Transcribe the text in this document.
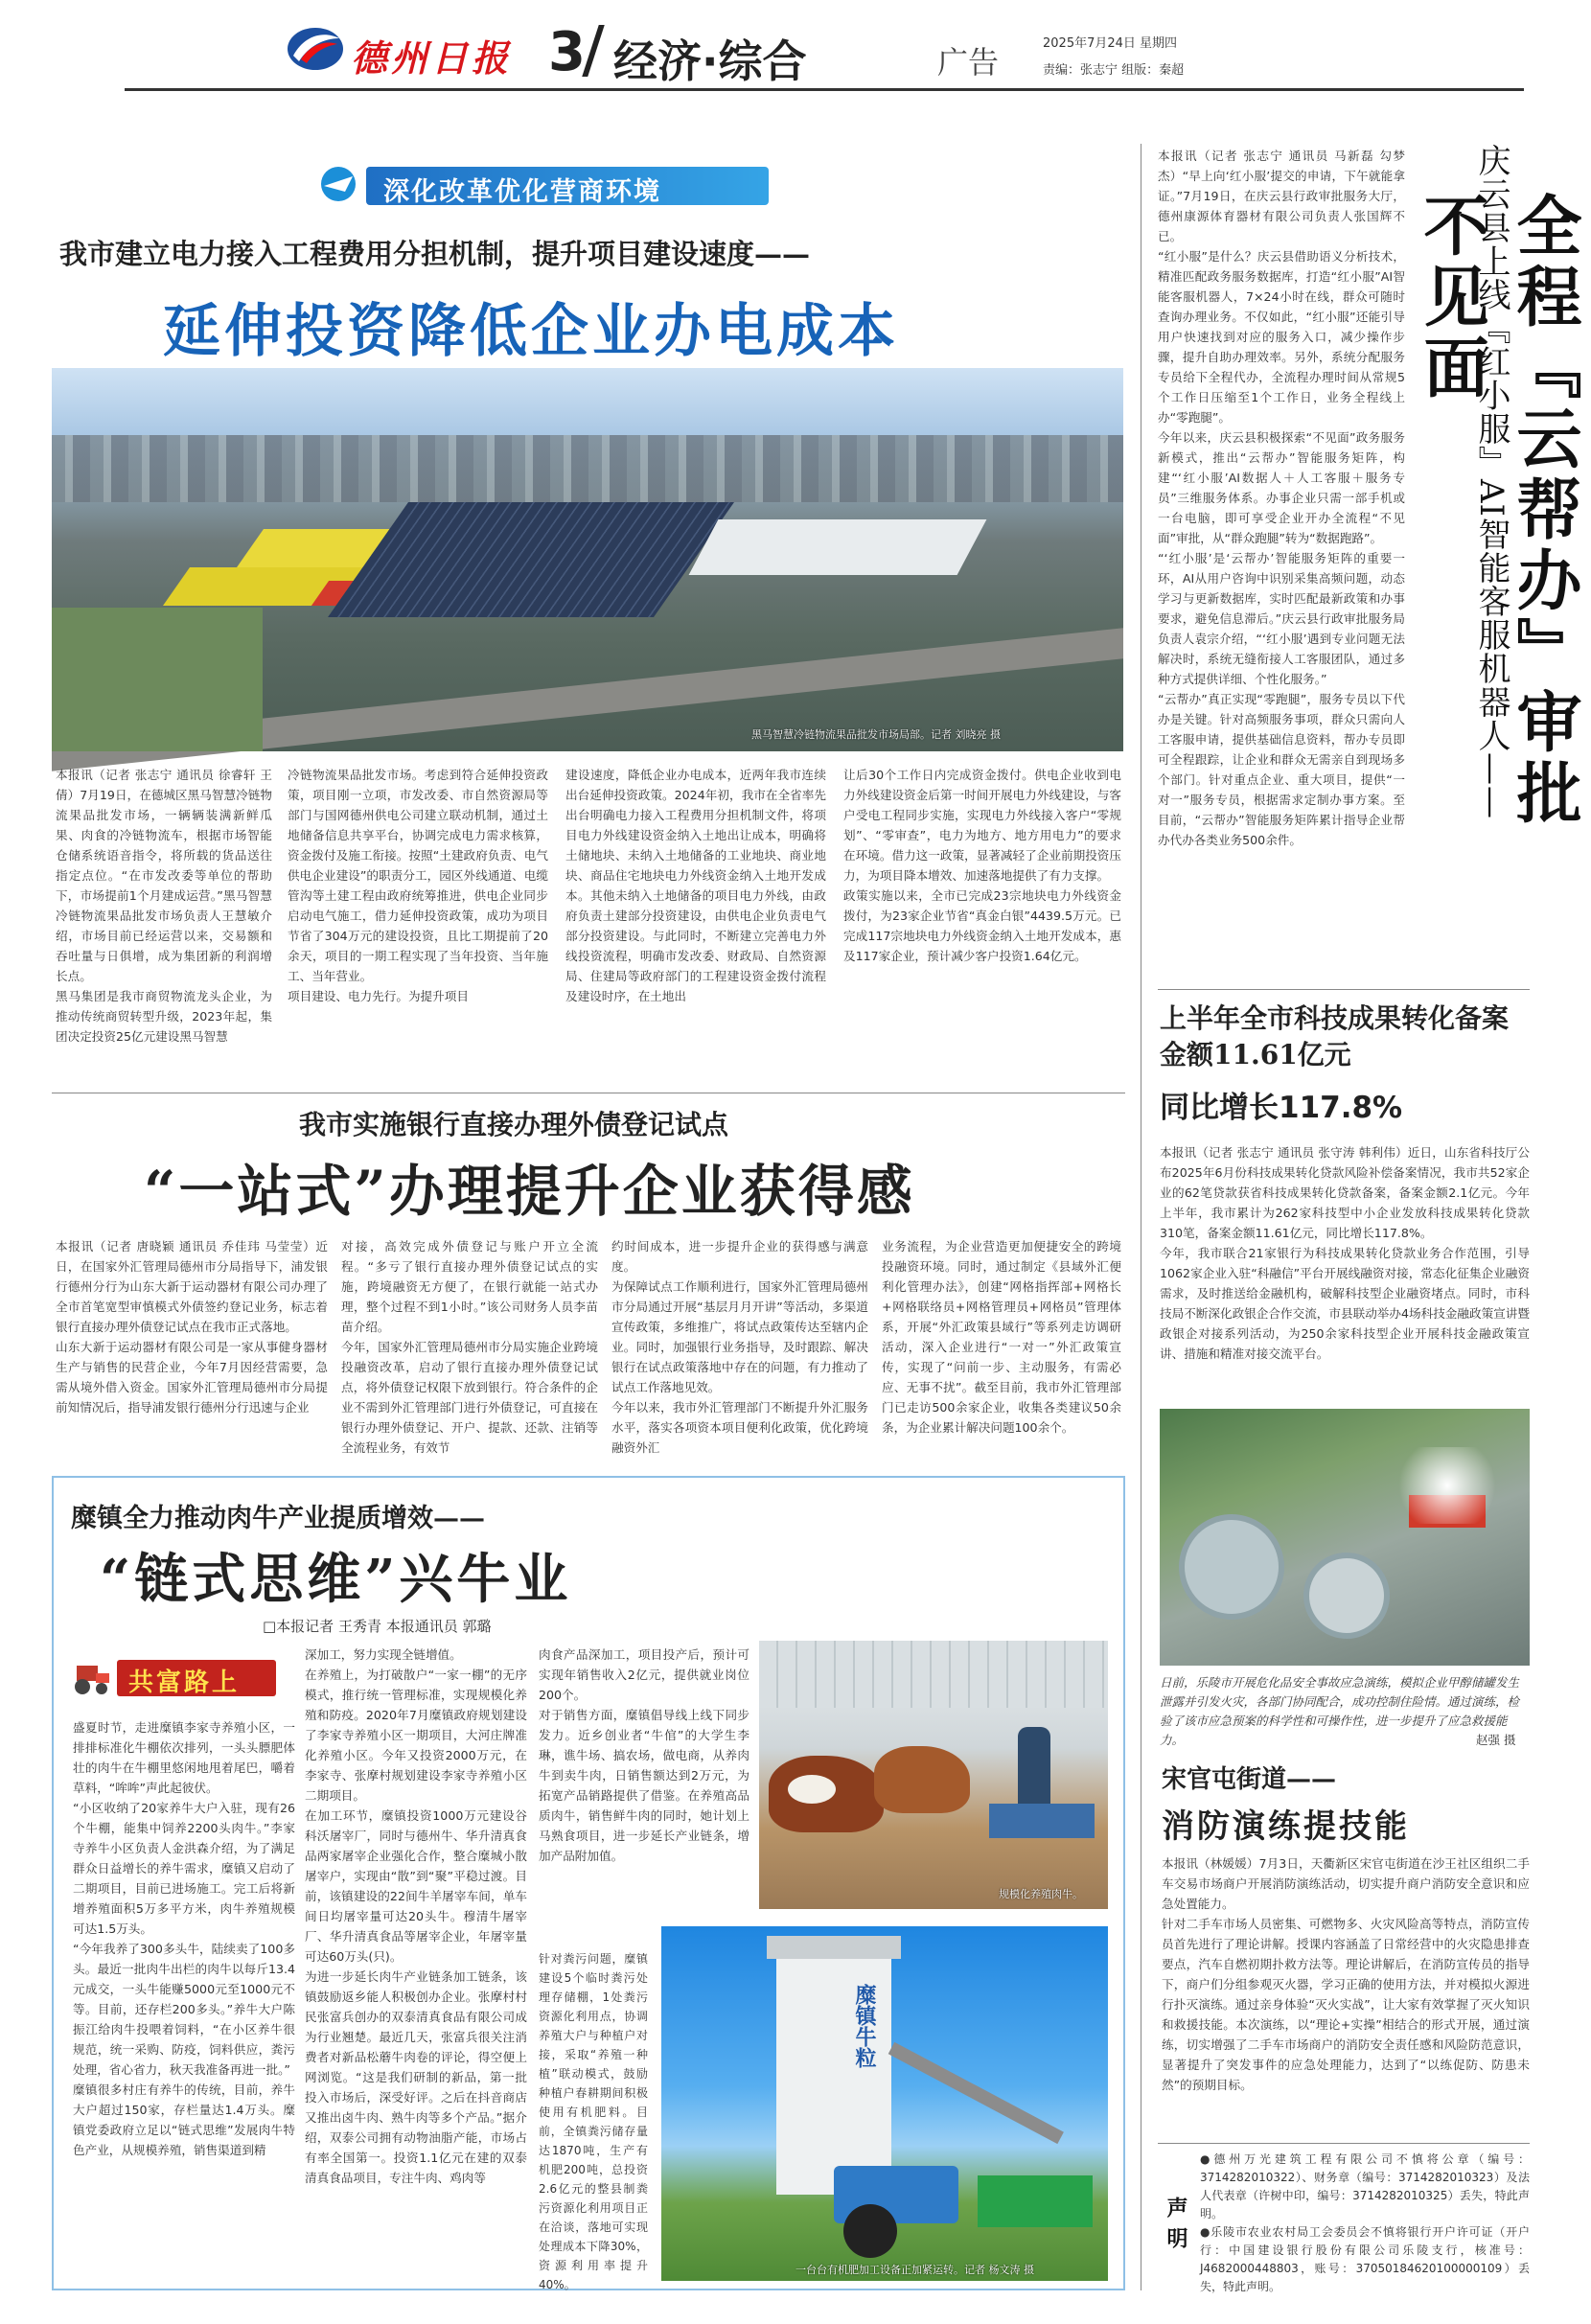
德州日报 3 经济·综合	广告
2025年7月24日 星期四
责编：张志宁 组版：秦超
深化改革优化营商环境
我市建立电力接入工程费用分担机制，提升项目建设速度——
延伸投资降低企业办电成本
黑马智慧冷链物流果品批发市场局部。记者 刘晓亮 摄
本报讯（记者 张志宁 通讯员 徐睿轩 王倩）7月19日，在德城区黑马智慧冷链物流果品批发市场，一辆辆装满新鲜瓜果、肉食的冷链物流车，根据市场智能仓储系统语音指令，将所载的货品送往指定点位。“在市发改委等单位的帮助下，市场提前1个月建成运营。”黑马智慧冷链物流果品批发市场负责人王慧敏介绍，市场目前已经运营以来，交易额和吞吐量与日俱增，成为集团新的利润增长点。
黑马集团是我市商贸物流龙头企业，为推动传统商贸转型升级，2023年起，集团决定投资25亿元建设黑马智慧
冷链物流果品批发市场。考虑到符合延伸投资政策，项目刚一立项，市发改委、市自然资源局等部门与国网德州供电公司建立联动机制，通过土地储备信息共享平台，协调完成电力需求核算，资金拨付及施工衔接。按照“土建政府负责、电气供电企业建设”的职责分工，园区外线通道、电缆管沟等土建工程由政府统筹推进，供电企业同步启动电气施工，借力延伸投资政策，成功为项目节省了304万元的建设投资，且比工期提前了20余天，项目的一期工程实现了当年投资、当年施工、当年营业。
项目建设、电力先行。为提升项目
建设速度，降低企业办电成本，近两年我市连续出台延伸投资政策。2024年初，我市在全省率先出台明确电力接入工程费用分担机制文件，将项目电力外线建设资金纳入土地出让成本，明确将土储地块、未纳入土地储备的工业地块、商业地块、商品住宅地块电力外线资金纳入土地开发成本。其他未纳入土地储备的项目电力外线，由政府负责土建部分投资建设，由供电企业负责电气部分投资建设。与此同时，不断建立完善电力外线投资流程，明确市发改委、财政局、自然资源局、住建局等政府部门的工程建设资金拨付流程及建设时序，在土地出
让后30个工作日内完成资金拨付。供电企业收到电力外线建设资金后第一时间开展电力外线建设，与客户受电工程同步实施，实现电力外线接入客户“零规划”、“零审查”，电力为地方、地方用电力”的要求在环境。借力这一政策，显著减轻了企业前期投资压力，为项目降本增效、加速落地提供了有力支撑。
政策实施以来，全市已完成23宗地块电力外线资金拨付，为23家企业节省“真金白银”4439.5万元。已完成117宗地块电力外线资金纳入土地开发成本，惠及117家企业，预计减少客户投资1.64亿元。
我市实施银行直接办理外债登记试点
“一站式”办理提升企业获得感
本报讯（记者 唐晓颖 通讯员 乔佳玮 马莹莹）近日，在国家外汇管理局德州市分局指导下，浦发银行德州分行为山东大新于运动器材有限公司办理了全市首笔宽型审慎模式外债签约登记业务，标志着银行直接办理外债登记试点在我市正式落地。
山东大新于运动器材有限公司是一家从事健身器材生产与销售的民营企业，今年7月因经营需要，急需从境外借入资金。国家外汇管理局德州市分局提前知情况后，指导浦发银行德州分行迅速与企业
对接，高效完成外债登记与账户开立全流程。“多亏了银行直接办理外债登记试点的实施，跨境融资无方便了，在银行就能一站式办理，整个过程不到1小时。”该公司财务人员李苗苗介绍。
今年，国家外汇管理局德州市分局实施企业跨境投融资改革，启动了银行直接办理外债登记试点，将外债登记权限下放到银行。符合条件的企业不需到外汇管理部门进行外债登记，可直接在银行办理外债登记、开户、提款、还款、注销等全流程业务，有效节
约时间成本，进一步提升企业的获得感与满意度。
为保障试点工作顺利进行，国家外汇管理局德州市分局通过开展“基层月月开讲”等活动，多渠道宣传政策，多维推广，将试点政策传达至辖内企业。同时，加强银行业务指导，及时跟踪、解决银行在试点政策落地中存在的问题，有力推动了试点工作落地见效。
今年以来，我市外汇管理部门不断提升外汇服务水平，落实各项资本项目便利化政策，优化跨境融资外汇
业务流程，为企业营造更加便捷安全的跨境投融资环境。同时，通过制定《县域外汇便利化管理办法》，创建“网格指挥部+网格长+网格联络员+网格管理员+网格员”管理体系，开展“外汇政策县域行”等系列走访调研活动，深入企业进行“一对一”外汇政策宣传，实现了“问前一步、主动服务，有需必应、无事不扰”。截至目前，我市外汇管理部门已走访500余家企业，收集各类建议50余条，为企业累计解决问题100余个。
糜镇全力推动肉牛产业提质增效——
“链式思维”兴牛业
□本报记者 王秀青 本报通讯员 郭璐
共富路上
盛夏时节，走进糜镇李家寺养殖小区，一排排标准化牛棚依次排列，一头头膘肥体壮的肉牛在牛棚里悠闲地甩着尾巴，嚼着草料，“哞哞”声此起彼伏。
“小区收纳了20家养牛大户入驻，现有26个牛棚，能集中饲养2200头肉牛。”李家寺养牛小区负责人金洪森介绍，为了满足群众日益增长的养牛需求，糜镇又启动了二期项目，目前已进场施工。完工后将新增养殖面积5万多平方米，肉牛养殖规模可达1.5万头。
“今年我养了300多头牛，陆续卖了100多头。最近一批肉牛出栏的肉牛以每斤13.4元成交，一头牛能赚5000元至1000元不等。目前，还存栏200多头。”养牛大户陈振江给肉牛投喂着饲料，“在小区养牛很规范，统一采购、防疫，饲料供应，粪污处理，省心省力，秋天我准备再进一批。”
糜镇很多村庄有养牛的传统，目前，养牛大户超过150家，存栏量达1.4万头。糜镇党委政府立足以“链式思维”发展肉牛特色产业，从规模养殖，销售渠道到精
深加工，努力实现全链增值。
在养殖上，为打破散户“一家一棚”的无序模式，推行统一管理标准，实现规模化养殖和防疫。2020年7月糜镇政府规划建设了李家寺养殖小区一期项目，大河庄牌准化养殖小区。今年又投资2000万元，在李家寺、张摩村规划建设李家寺养殖小区二期项目。
在加工环节，糜镇投资1000万元建设谷科沃屠宰厂，同时与德州牛、华升清真食品两家屠宰企业强化合作，整合糜城小散屠宰户，实现由“散”到“聚”平稳过渡。目前，该镇建设的22间牛羊屠宰车间，单车间日均屠宰量可达20头牛。穆清牛屠宰厂、华升清真食品等屠宰企业，年屠宰量可达60万头(只)。
为进一步延长肉牛产业链条加工链条，该镇鼓励返乡能人积极创办企业。张摩村村民张富兵创办的双泰清真食品有限公司成为行业翘楚。最近几天，张富兵很关注消费者对新品松蘑牛肉卷的评论，得空便上网浏览。“这是我们研制的新品，第一批投入市场后，深受好评。之后在抖音商店又推出卤牛肉、熟牛肉等多个产品。”据介绍，双泰公司拥有动物油脂产能，市场占有率全国第一。投资1.1亿元在建的双泰清真食品项目，专注牛肉、鸡肉等
肉食产品深加工，项目投产后，预计可实现年销售收入2亿元，提供就业岗位200个。
对于销售方面，糜镇倡导线上线下同步发力。近乡创业者“牛倌”的大学生李琳，谯牛场、搞农场，做电商，从养肉牛到卖牛肉，日销售额达到2万元，为拓宽产品销路提供了借鉴。在养殖高品质肉牛，销售鲜牛肉的同时，她计划上马熟食项目，进一步延长产业链条，增加产品附加值。
针对粪污问题，糜镇建设5个临时粪污处理存储棚，1处粪污资源化利用点，协调养殖大户与种植户对接，采取“养殖一种植”联动模式，鼓励种植户春耕期间积极使用有机肥料。目前，全镇粪污储存量达1870吨，生产有机肥200吨，总投资2.6亿元的整县制粪污资源化利用项目正在洽谈，落地可实现处理成本下降30%，资源利用率提升40%。
规模化养殖肉牛。
糜镇牛粒
一台台有机肥加工设备正加紧运转。记者 杨文涛 摄
本报讯（记者 张志宁 通讯员 马新磊 勾梦杰）“早上向‘红小服’提交的申请，下午就能拿证。”7月19日，在庆云县行政审批服务大厅，德州康源体育器材有限公司负责人张国辉不已。
“红小服”是什么？庆云县借助语义分析技术，精准匹配政务服务数据库，打造“红小服”AI智能客服机器人，7×24小时在线，群众可随时查询办理业务。不仅如此，“红小服”还能引导用户快速找到对应的服务入口，减少操作步骤，提升自助办理效率。另外，系统分配服务专员给下全程代办，全流程办理时间从常规5个工作日压缩至1个工作日，业务全程线上办“零跑腿”。
今年以来，庆云县积极探索“不见面”政务服务新模式，推出“云帮办”智能服务矩阵，构建“‘红小服’AI数据人＋人工客服＋服务专员”三维服务体系。办事企业只需一部手机或一台电脑，即可享受企业开办全流程“不见面”审批，从“群众跑腿”转为“数据跑路”。
“‘红小服’是‘云帮办’智能服务矩阵的重要一环，AI从用户咨询中识别采集高频问题，动态学习与更新数据库，实时匹配最新政策和办事要求，避免信息滞后。”庆云县行政审批服务局负责人袁宗介绍，“‘红小服’遇到专业问题无法解决时，系统无缝衔接人工客服团队，通过多种方式提供详细、个性化服务。”
“云帮办”真正实现“零跑腿”，服务专员以下代办是关键。针对高频服务事项，群众只需向人工客服申请，提供基础信息资料，帮办专员即可全程跟踪，让企业和群众无需亲自到现场多个部门。针对重点企业、重大项目，提供“一对一”服务专员，根据需求定制办事方案。至目前，“云帮办”智能服务矩阵累计指导企业帮办代办各类业务500余件。
全程『云帮办』审批不见面
庆云县上线『红小服』AI智能客服机器人——
上半年全市科技成果转化备案金额11.61亿元
同比增长117.8%
本报讯（记者 张志宁 通讯员 张守涛 韩利伟）近日，山东省科技厅公布2025年6月份科技成果转化贷款风险补偿备案情况，我市共52家企业的62笔贷款获省科技成果转化贷款备案，备案金额2.1亿元。今年上半年，我市累计为262家科技型中小企业发放科技成果转化贷款310笔，备案金额11.61亿元，同比增长117.8%。
今年，我市联合21家银行为科技成果转化贷款业务合作范围，引导1062家企业入驻“科融信”平台开展线融资对接，常态化征集企业融资需求，及时推送给金融机构，破解科技型企业融资堵点。同时，市科技局不断深化政银企合作交流，市县联动举办4场科技金融政策宣讲暨政银企对接系列活动，为250余家科技型企业开展科技金融政策宣讲、措施和精准对接交流平台。
日前，乐陵市开展危化品安全事故应急演练，模拟企业甲醇储罐发生泄露并引发火灾，各部门协同配合，成功控制住险情。通过演练，检验了该市应急预案的科学性和可操作性，进一步提升了应急救援能力。	赵强 摄
宋官屯街道——
消防演练提技能
本报讯（林媛媛）7月3日，天衢新区宋官屯街道在沙王社区组织二手车交易市场商户开展消防演练活动，切实提升商户消防安全意识和应急处置能力。
针对二手车市场人员密集、可燃物多、火灾风险高等特点，消防宣传员首先进行了理论讲解。授课内容涵盖了日常经营中的火灾隐患排查要点，汽车自燃初期扑救方法等。理论讲解后，在消防宣传员的指导下，商户们分组参观灭火器，学习正确的使用方法，并对模拟火源进行扑灭演练。通过亲身体验“灭火实战”，让大家有效掌握了灭火知识和救援技能。本次演练，以“理论+实操”相结合的形式开展，通过演练，切实增强了二手车市场商户的消防安全责任感和风险防范意识，显著提升了突发事件的应急处理能力，达到了“以练促防、防患未然”的预期目标。
声明
●德州万光建筑工程有限公司不慎将公章（编号：3714282010322）、财务章（编号：3714282010323）及法人代表章（许树中印，编号：3714282010325）丢失，特此声明。
●乐陵市农业农村局工会委员会不慎将银行开户许可证（开户行：中国建设银行股份有限公司乐陵支行，核准号：J4682000448803，账号：37050184620100000109）丢失，特此声明。
